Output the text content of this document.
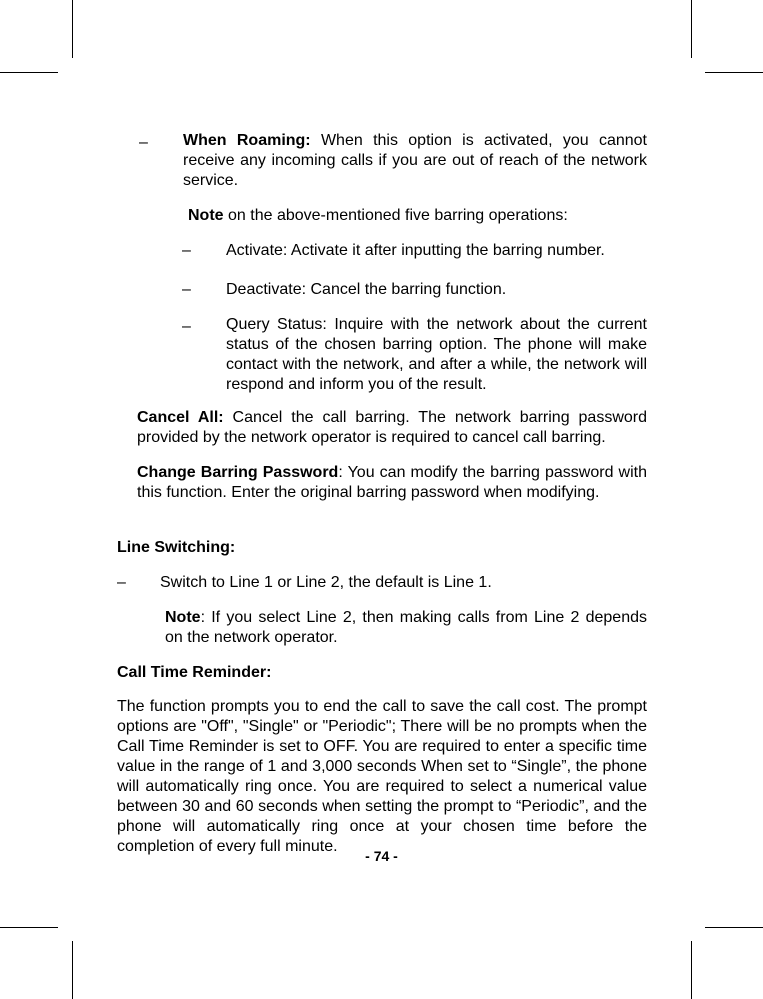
– When Roaming: When this option is activated, you cannot receive any incoming calls if you are out of reach of the network service.
Note on the above-mentioned five barring operations:
– Activate: Activate it after inputting the barring number.
– Deactivate: Cancel the barring function.
– Query Status: Inquire with the network about the current status of the chosen barring option. The phone will make contact with the network, and after a while, the network will respond and inform you of the result.
Cancel All: Cancel the call barring. The network barring password provided by the network operator is required to cancel call barring.
Change Barring Password: You can modify the barring password with this function. Enter the original barring password when modifying.
Line Switching:
– Switch to Line 1 or Line 2, the default is Line 1.
Note: If you select Line 2, then making calls from Line 2 depends on the network operator.
Call Time Reminder:
The function prompts you to end the call to save the call cost. The prompt options are "Off", "Single" or "Periodic"; There will be no prompts when the Call Time Reminder is set to OFF. You are required to enter a specific time value in the range of 1 and 3,000 seconds When set to “Single”, the phone will automatically ring once. You are required to select a numerical value between 30 and 60 seconds when setting the prompt to “Periodic”, and the phone will automatically ring once at your chosen time before the completion of every full minute.
- 74 -
